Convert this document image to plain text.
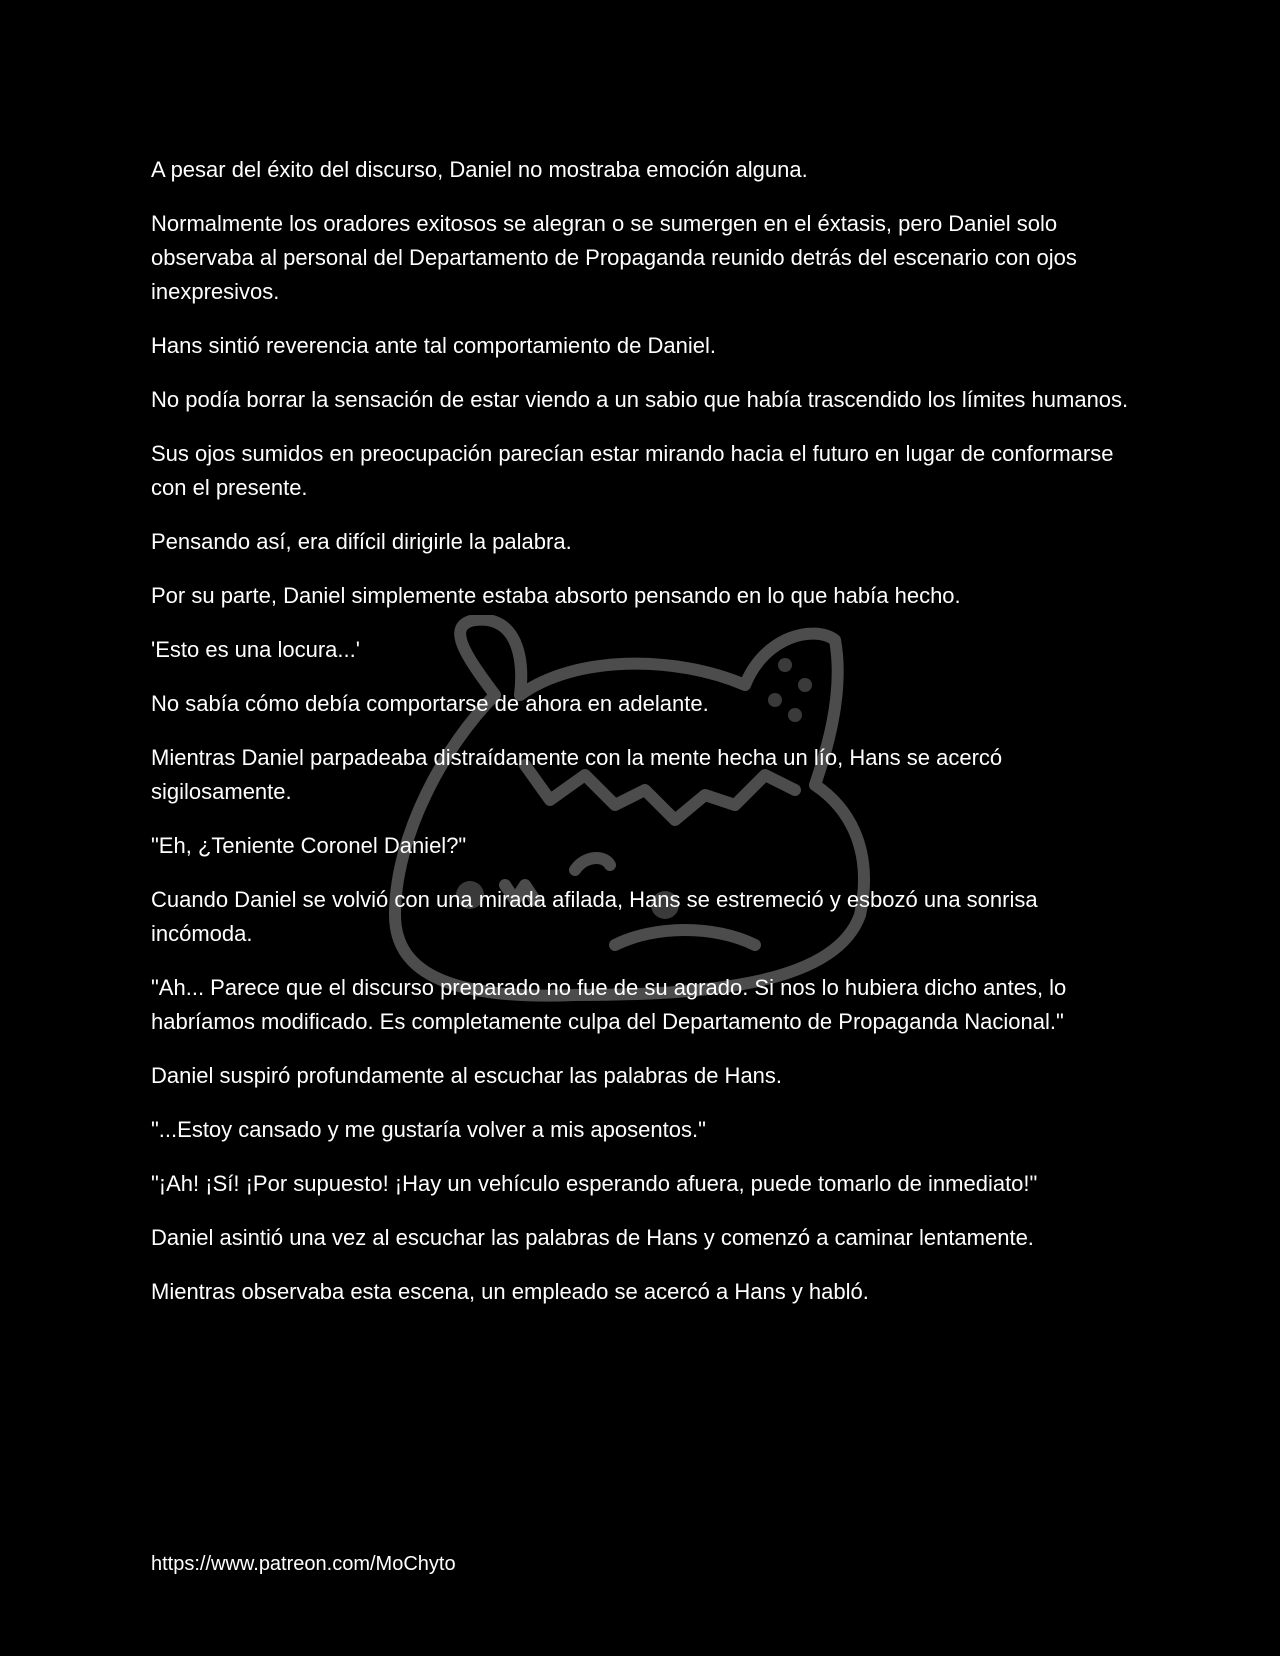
A pesar del éxito del discurso, Daniel no mostraba emoción alguna.

Normalmente los oradores exitosos se alegran o se sumergen en el éxtasis, pero Daniel solo observaba al personal del Departamento de Propaganda reunido detrás del escenario con ojos inexpresivos.

Hans sintió reverencia ante tal comportamiento de Daniel.

No podía borrar la sensación de estar viendo a un sabio que había trascendido los límites humanos.

Sus ojos sumidos en preocupación parecían estar mirando hacia el futuro en lugar de conformarse con el presente.

Pensando así, era difícil dirigirle la palabra.

Por su parte, Daniel simplemente estaba absorto pensando en lo que había hecho.

'Esto es una locura...'

No sabía cómo debía comportarse de ahora en adelante.

Mientras Daniel parpadeaba distraídamente con la mente hecha un lío, Hans se acercó sigilosamente.

"Eh, ¿Teniente Coronel Daniel?"

Cuando Daniel se volvió con una mirada afilada, Hans se estremeció y esbozó una sonrisa incómoda.

"Ah... Parece que el discurso preparado no fue de su agrado. Si nos lo hubiera dicho antes, lo habríamos modificado. Es completamente culpa del Departamento de Propaganda Nacional."

Daniel suspiró profundamente al escuchar las palabras de Hans.

"...Estoy cansado y me gustaría volver a mis aposentos."

"¡Ah! ¡Sí! ¡Por supuesto! ¡Hay un vehículo esperando afuera, puede tomarlo de inmediato!"

Daniel asintió una vez al escuchar las palabras de Hans y comenzó a caminar lentamente.

Mientras observaba esta escena, un empleado se acercó a Hans y habló.

https://www.patreon.com/MoChyto
